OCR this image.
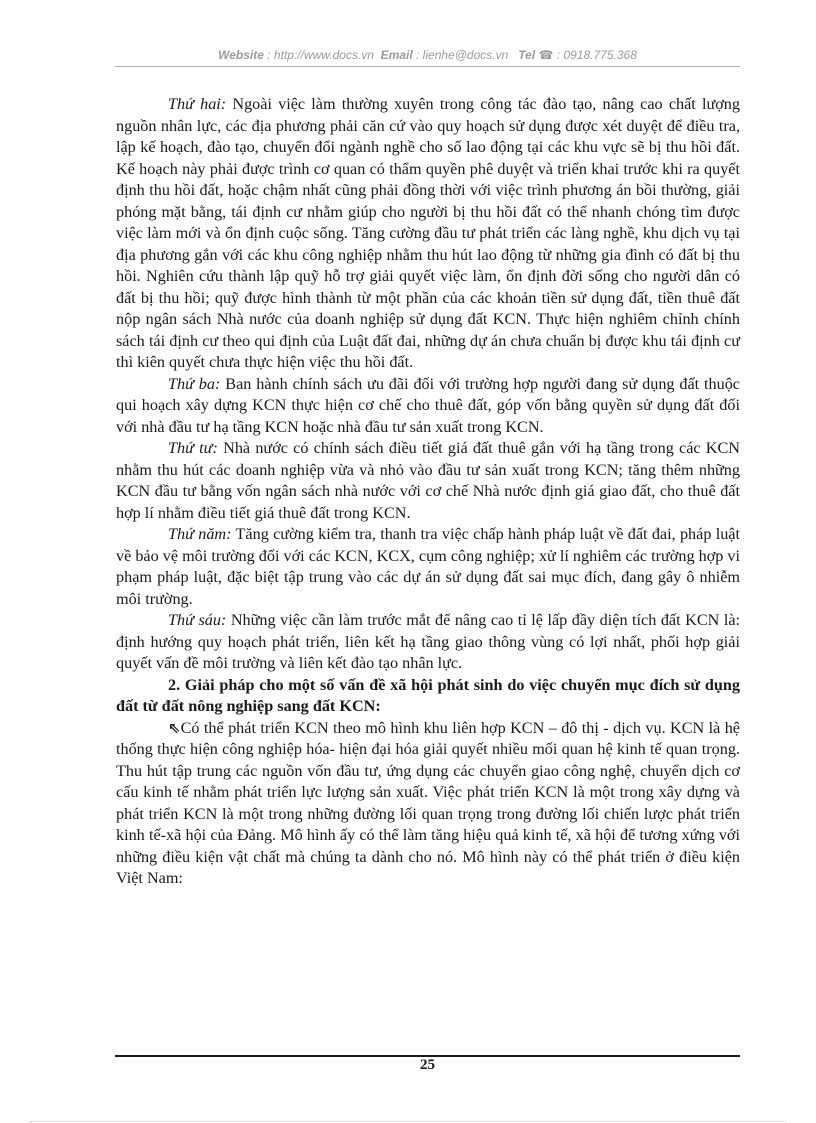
Website : http://www.docs.vn Email : lienhe@docs.vn Tel ☎ : 0918.775.368

Thứ hai: Ngoài việc làm thường xuyên trong công tác đào tạo, nâng cao chất lượng nguồn nhân lực, các địa phương phải căn cứ vào quy hoạch sử dụng được xét duyệt để điều tra, lập kế hoạch, đào tạo, chuyển đổi ngành nghề cho số lao động tại các khu vực sẽ bị thu hồi đất. Kế hoạch này phải được trình cơ quan có thẩm quyền phê duyệt và triển khai trước khi ra quyết định thu hồi đất, hoặc chậm nhất cũng phải đồng thời với việc trình phương án bồi thường, giải phóng mặt bằng, tái định cư nhằm giúp cho người bị thu hồi đất có thể nhanh chóng tìm được việc làm mới và ổn định cuộc sống. Tăng cường đầu tư phát triển các làng nghề, khu dịch vụ tại địa phương gắn với các khu công nghiệp nhằm thu hút lao động từ những gia đình có đất bị thu hồi. Nghiên cứu thành lập quỹ hỗ trợ giải quyết việc làm, ổn định đời sống cho người dân có đất bị thu hồi; quỹ được hình thành từ một phần của các khoản tiền sử dụng đất, tiền thuê đất nộp ngân sách Nhà nước của doanh nghiệp sử dụng đất KCN. Thực hiện nghiêm chỉnh chính sách tái định cư theo qui định của Luật đất đai, những dự án chưa chuẩn bị được khu tái định cư thì kiên quyết chưa thực hiện việc thu hồi đất.

Thứ ba: Ban hành chính sách ưu đãi đối với trường hợp người đang sử dụng đất thuộc qui hoạch xây dựng KCN thực hiện cơ chế cho thuê đất, góp vốn bằng quyền sử dụng đất đối với nhà đầu tư hạ tầng KCN hoặc nhà đầu tư sản xuất trong KCN.

Thứ tư: Nhà nước có chính sách điều tiết giá đất thuê gắn với hạ tầng trong các KCN nhằm thu hút các doanh nghiệp vừa và nhỏ vào đầu tư sản xuất trong KCN; tăng thêm những KCN đầu tư bằng vốn ngân sách nhà nước với cơ chế Nhà nước định giá giao đất, cho thuê đất hợp lí nhằm điều tiết giá thuê đất trong KCN.

Thứ năm: Tăng cường kiểm tra, thanh tra việc chấp hành pháp luật về đất đai, pháp luật về bảo vệ môi trường đối với các KCN, KCX, cụm công nghiệp; xử lí nghiêm các trường hợp vi phạm pháp luật, đặc biệt tập trung vào các dự án sử dụng đất sai mục đích, đang gây ô nhiễm môi trường.

Thứ sáu: Những việc cần làm trước mắt để nâng cao tỉ lệ lấp đầy diện tích đất KCN là: định hướng quy hoạch phát triển, liên kết hạ tầng giao thông vùng có lợi nhất, phối hợp giải quyết vấn đề môi trường và liên kết đào tạo nhân lực.

2. Giải pháp cho một số vấn đề xã hội phát sinh do việc chuyển mục đích sử dụng đất từ đất nông nghiệp sang đất KCN:

⇖Có thể phát triển KCN theo mô hình khu liên hợp KCN – đô thị - dịch vụ. KCN là hệ thống thực hiện công nghiệp hóa- hiện đại hóa giải quyết nhiều mối quan hệ kinh tế quan trọng. Thu hút tập trung các nguồn vốn đầu tư, ứng dụng các chuyển giao công nghệ, chuyển dịch cơ cấu kinh tế nhằm phát triển lực lượng sản xuất. Việc phát triển KCN là một trong xây dựng và phát triển KCN là một trong những đường lối quan trọng trong đường lối chiến lược phát triển kinh tế-xã hội của Đảng. Mô hình ấy có thể làm tăng hiệu quả kinh tế, xã hội để tương xứng với những điều kiện vật chất mà chúng ta dành cho nó. Mô hình này có thể phát triển ở điều kiện Việt Nam:

25
